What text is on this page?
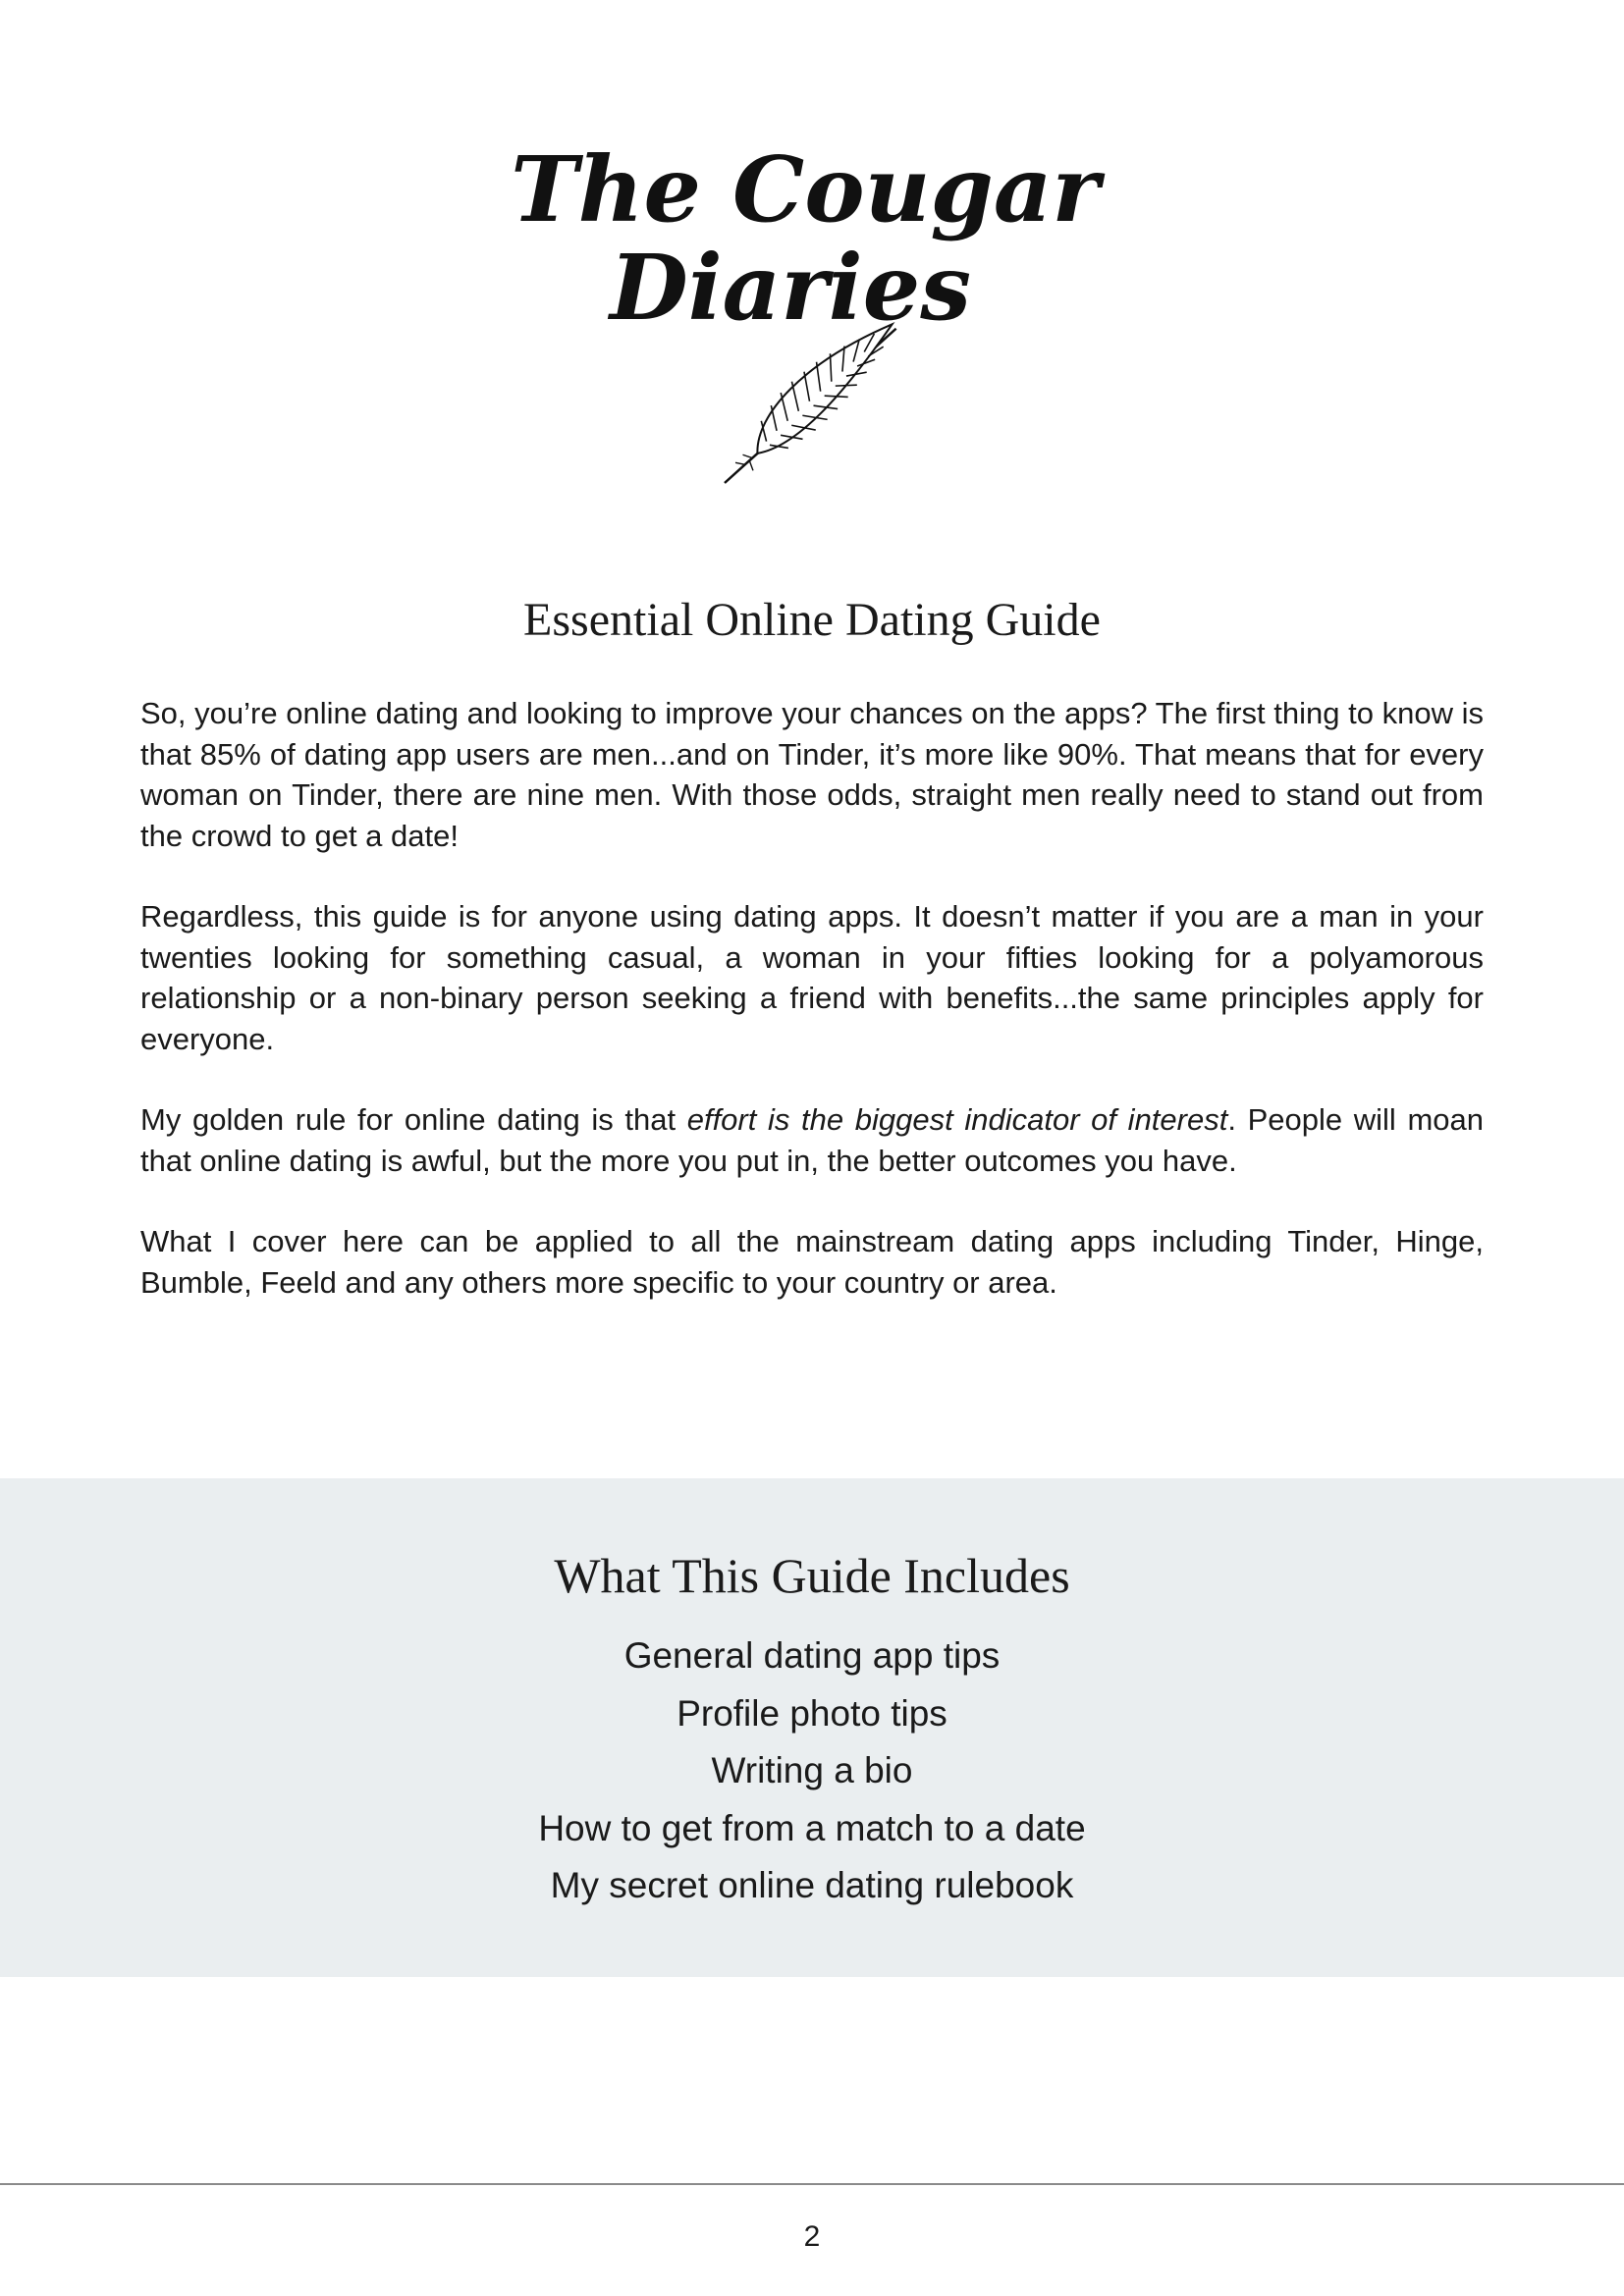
The Cougar
Diaries
Essential Online Dating Guide

So, you’re online dating and looking to improve your chances on the apps? The first thing to know is that 85% of dating app users are men...and on Tinder, it’s more like 90%. That means that for every woman on Tinder, there are nine men. With those odds, straight men really need to stand out from the crowd to get a date!

Regardless, this guide is for anyone using dating apps. It doesn’t matter if you are a man in your twenties looking for something casual, a woman in your fifties looking for a polyamorous relationship or a non-binary person seeking a friend with benefits...the same principles apply for everyone.

My golden rule for online dating is that effort is the biggest indicator of interest. People will moan that online dating is awful, but the more you put in, the better outcomes you have.

What I cover here can be applied to all the mainstream dating apps including Tinder, Hinge, Bumble, Feeld and any others more specific to your country or area.

What This Guide Includes
General dating app tips
Profile photo tips
Writing a bio
How to get from a match to a date
My secret online dating rulebook
2
